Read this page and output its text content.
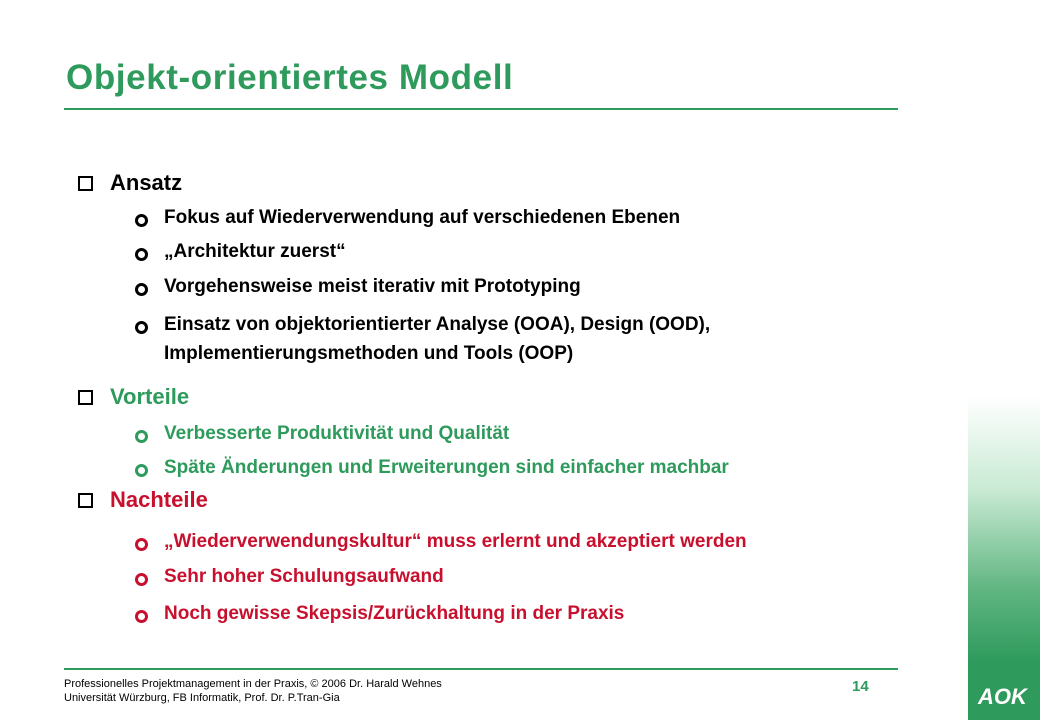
Objekt-orientiertes Modell
Ansatz
Fokus auf Wiederverwendung auf verschiedenen Ebenen
„Architektur zuerst“
Vorgehensweise meist iterativ mit Prototyping
Einsatz von objektorientierter Analyse (OOA), Design (OOD),
Implementierungsmethoden und Tools (OOP)
Vorteile
Verbesserte Produktivität und Qualität
Späte Änderungen und Erweiterungen sind einfacher machbar
Nachteile
„Wiederverwendungskultur“ muss erlernt und akzeptiert werden
Sehr hoher Schulungsaufwand
Noch gewisse Skepsis/Zurückhaltung in der Praxis
Professionelles Projektmanagement in der Praxis, © 2006 Dr. Harald Wehnes
Universität Würzburg, FB Informatik, Prof. Dr. P.Tran-Gia
14	AOK
